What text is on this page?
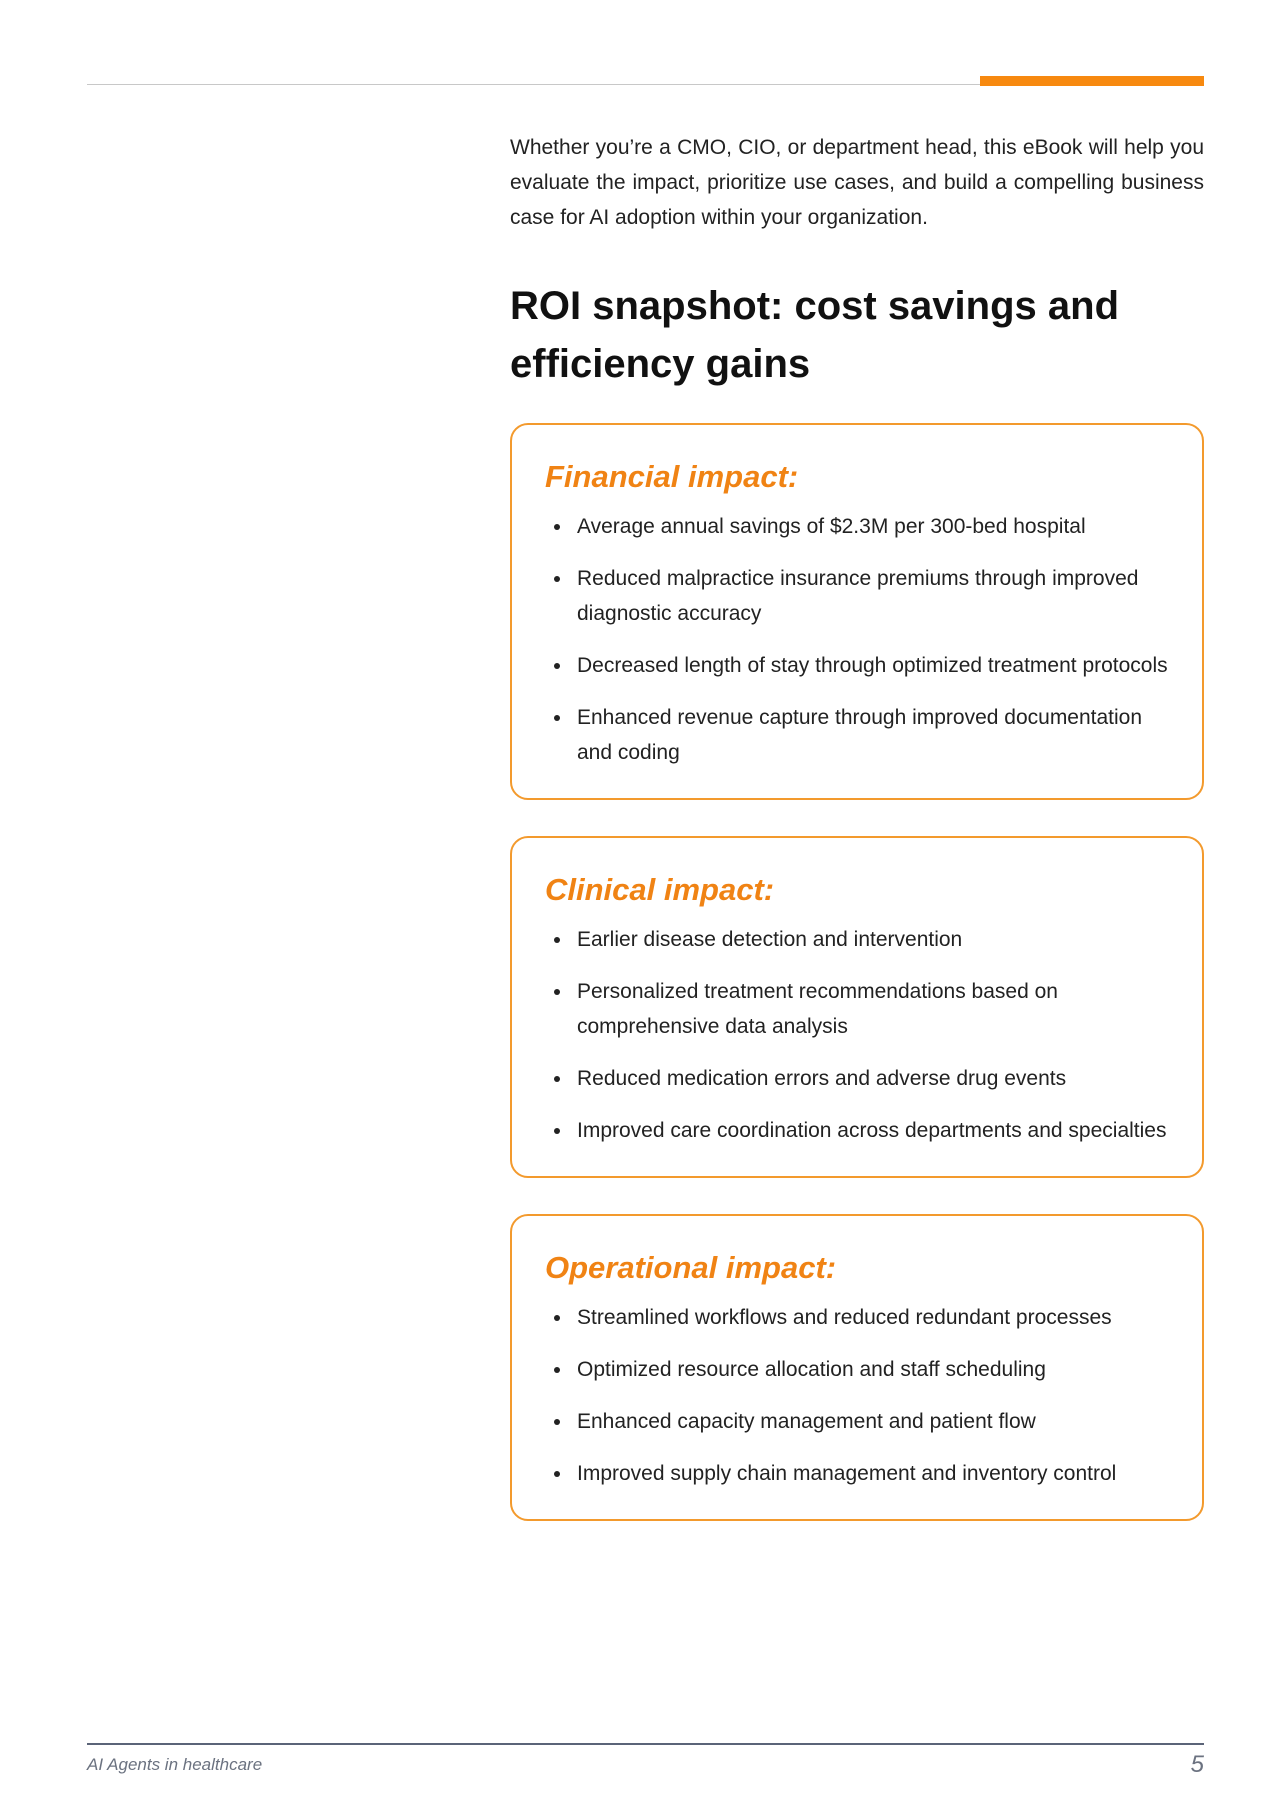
Whether you’re a CMO, CIO, or department head, this eBook will help you evaluate the impact, prioritize use cases, and build a compelling business case for AI adoption within your organization.

ROI snapshot: cost savings and efficiency gains
Financial impact:
Average annual savings of $2.3M per 300-bed hospital
Reduced malpractice insurance premiums through improved diagnostic accuracy
Decreased length of stay through optimized treatment protocols
Enhanced revenue capture through improved documentation and coding
Clinical impact:
Earlier disease detection and intervention
Personalized treatment recommendations based on comprehensive data analysis
Reduced medication errors and adverse drug events
Improved care coordination across departments and specialties
Operational impact:
Streamlined workflows and reduced redundant processes
Optimized resource allocation and staff scheduling
Enhanced capacity management and patient flow
Improved supply chain management and inventory control
AI Agents in healthcare	5
